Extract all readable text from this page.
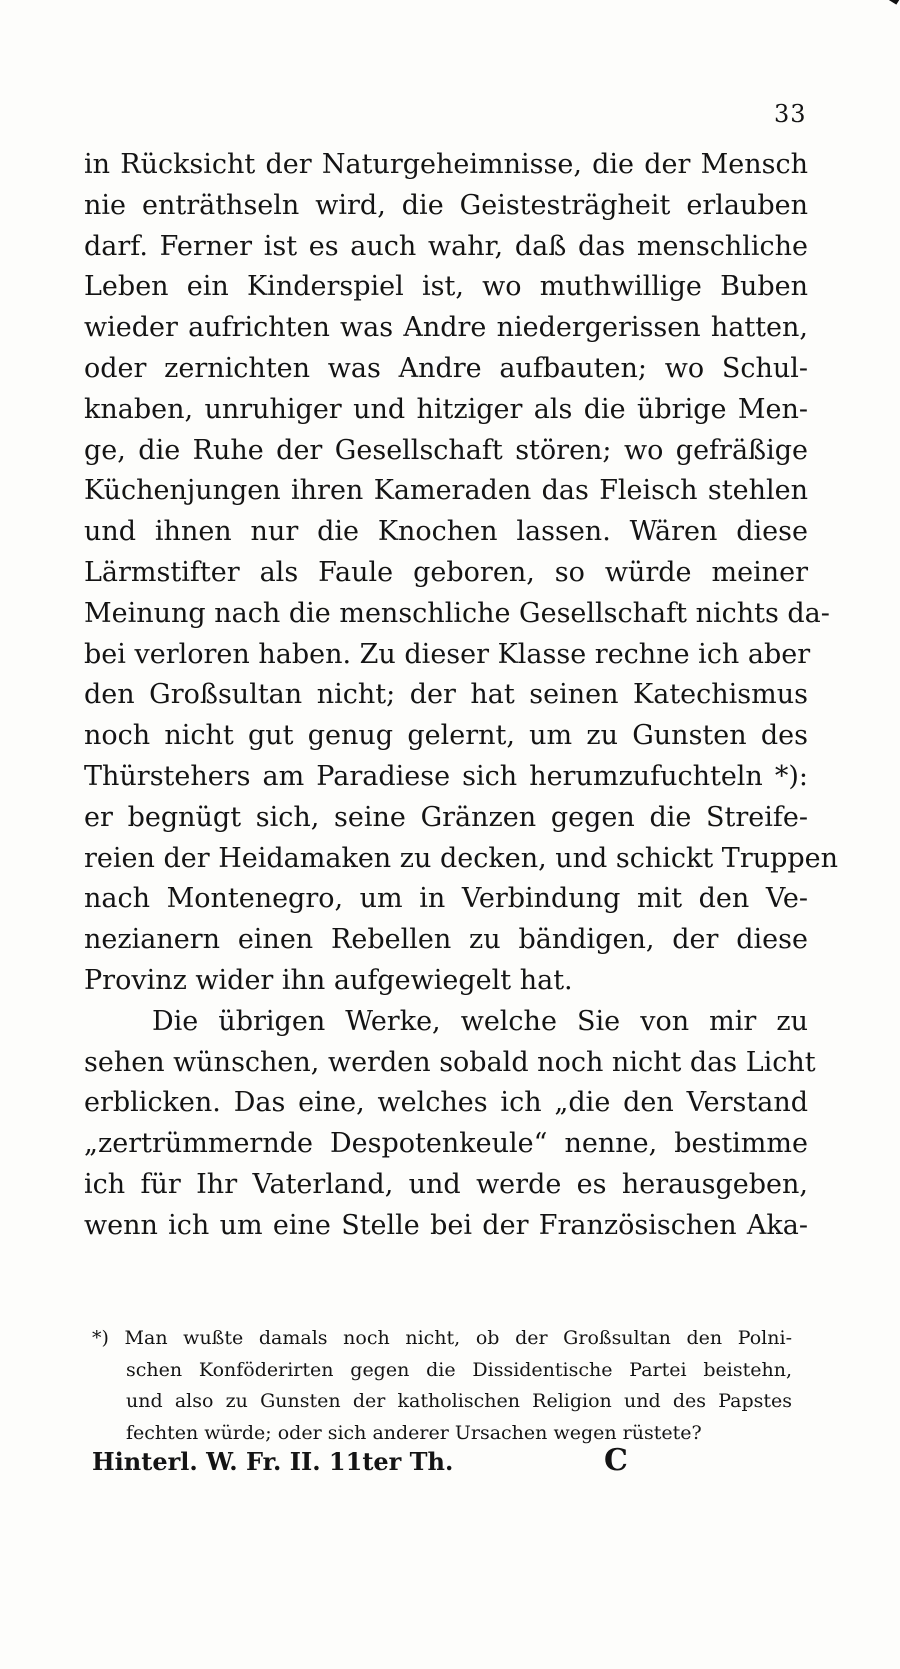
33
in Rücksicht der Naturgeheimnisse, die der Mensch
nie enträthseln wird, die Geistesträgheit erlauben
darf. Ferner ist es auch wahr, daß das menschliche
Leben ein Kinderspiel ist, wo muthwillige Buben
wieder aufrichten was Andre niedergerissen hatten,
oder zernichten was Andre aufbauten; wo Schul-
knaben, unruhiger und hitziger als die übrige Men-
ge, die Ruhe der Gesellschaft stören; wo gefräßige
Küchenjungen ihren Kameraden das Fleisch stehlen
und ihnen nur die Knochen lassen. Wären diese
Lärmstifter als Faule geboren, so würde meiner
Meinung nach die menschliche Gesellschaft nichts da-
bei verloren haben. Zu dieser Klasse rechne ich aber
den Großsultan nicht; der hat seinen Katechismus
noch nicht gut genug gelernt, um zu Gunsten des
Thürstehers am Paradiese sich herumzufuchteln *):
er begnügt sich, seine Gränzen gegen die Streife-
reien der Heidamaken zu decken, und schickt Truppen
nach Montenegro, um in Verbindung mit den Ve-
nezianern einen Rebellen zu bändigen, der diese
Provinz wider ihn aufgewiegelt hat.
Die übrigen Werke, welche Sie von mir zu
sehen wünschen, werden sobald noch nicht das Licht
erblicken. Das eine, welches ich „die den Verstand
„zertrümmernde Despotenkeule“ nenne, bestimme
ich für Ihr Vaterland, und werde es herausgeben,
wenn ich um eine Stelle bei der Französischen Aka-
*) Man wußte damals noch nicht, ob der Großsultan den Polni-
schen Konföderirten gegen die Dissidentische Partei beistehn,
und also zu Gunsten der katholischen Religion und des Papstes
fechten würde; oder sich anderer Ursachen wegen rüstete?
Hinterl. W. Fr. II. 11ter Th.	C
